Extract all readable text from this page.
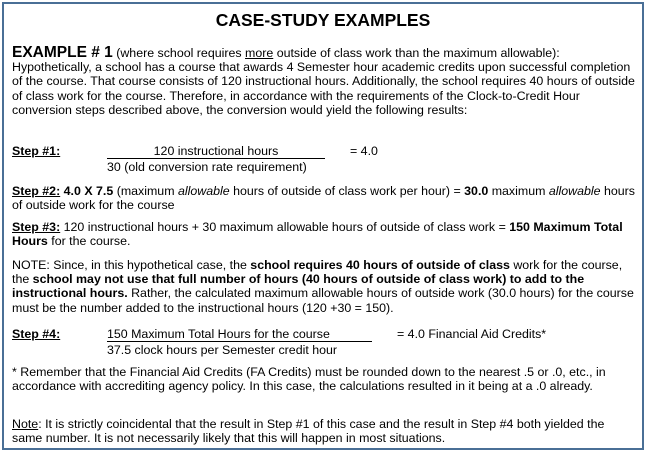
CASE-STUDY EXAMPLES
EXAMPLE # 1 (where school requires more outside of class work than the maximum allowable): Hypothetically, a school has a course that awards 4 Semester hour academic credits upon successful completion of the course. That course consists of 120 instructional hours. Additionally, the school requires 40 hours of outside of class work for the course. Therefore, in accordance with the requirements of the Clock-to-Credit Hour conversion steps described above, the conversion would yield the following results:
Step #1:	120 instructional hours
30 (old conversion rate requirement)
= 4.0
Step #2: 4.0 X 7.5 (maximum allowable hours of outside of class work per hour) = 30.0 maximum allowable hours of outside work for the course
Step #3: 120 instructional hours + 30 maximum allowable hours of outside of class work = 150 Maximum Total Hours for the course.
NOTE: Since, in this hypothetical case, the school requires 40 hours of outside of class work for the course, the school may not use that full number of hours (40 hours of outside of class work) to add to the instructional hours. Rather, the calculated maximum allowable hours of outside work (30.0 hours) for the course must be the number added to the instructional hours (120 +30 = 150).
Step #4:	150 Maximum Total Hours for the course
37.5 clock hours per Semester credit hour
= 4.0 Financial Aid Credits*
* Remember that the Financial Aid Credits (FA Credits) must be rounded down to the nearest .5 or .0, etc., in accordance with accrediting agency policy. In this case, the calculations resulted in it being at a .0 already.
Note: It is strictly coincidental that the result in Step #1 of this case and the result in Step #4 both yielded the same number. It is not necessarily likely that this will happen in most situations.
